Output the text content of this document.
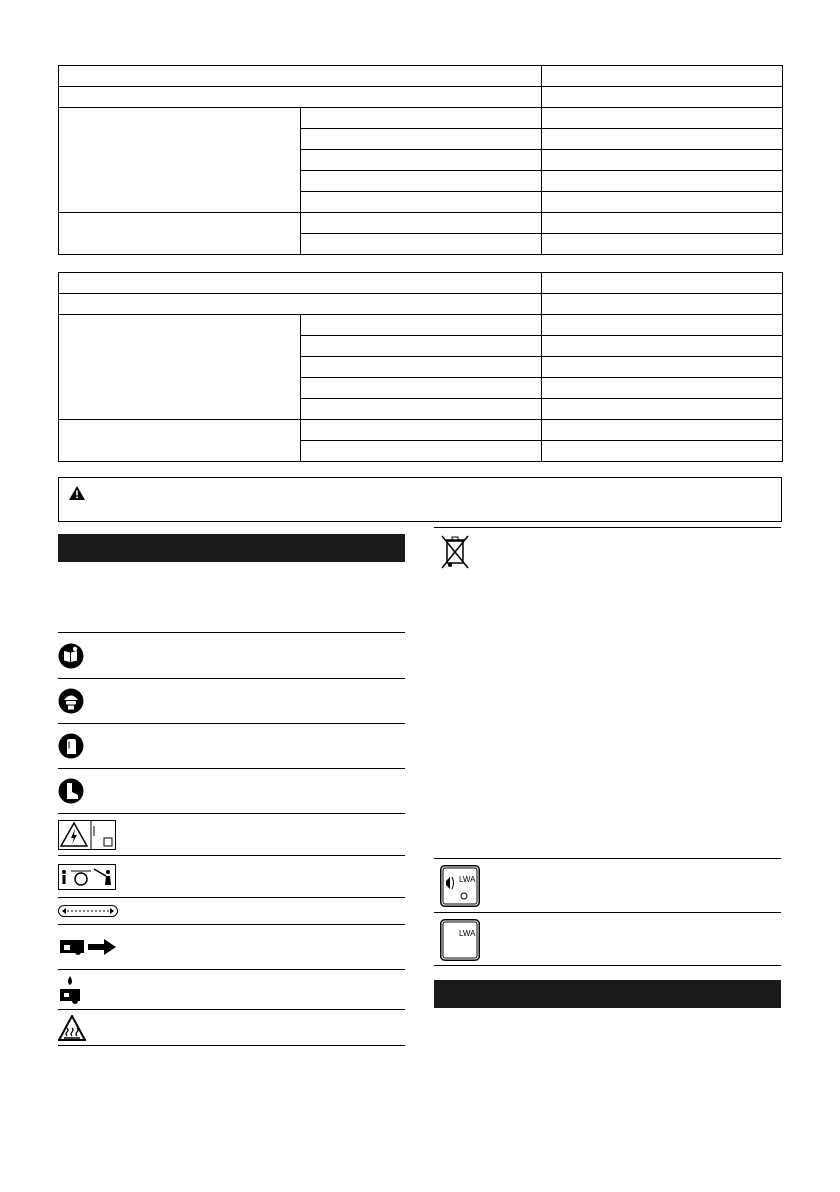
LWA
LWA
